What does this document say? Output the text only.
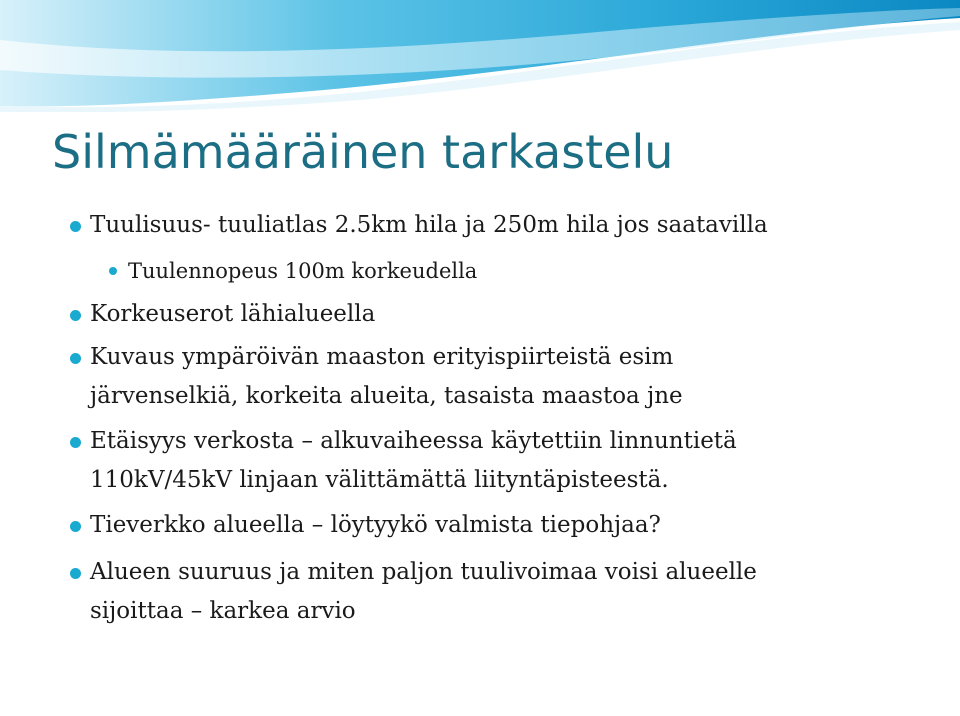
Silmämääräinen tarkastelu
Tuulisuus- tuuliatlas 2.5km hila ja 250m hila jos saatavilla
Tuulennopeus 100m korkeudella
Korkeuserot lähialueella
Kuvaus ympäröivän maaston erityispiirteistä esim
järvenselkiä, korkeita alueita, tasaista maastoa jne
Etäisyys verkosta – alkuvaiheessa käytettiin linnuntietä
110kV/45kV linjaan välittämättä liityntäpisteestä.
Tieverkko alueella – löytyykö valmista tiepohjaa?
Alueen suuruus ja miten paljon tuulivoimaa voisi alueelle
sijoittaa – karkea arvio
